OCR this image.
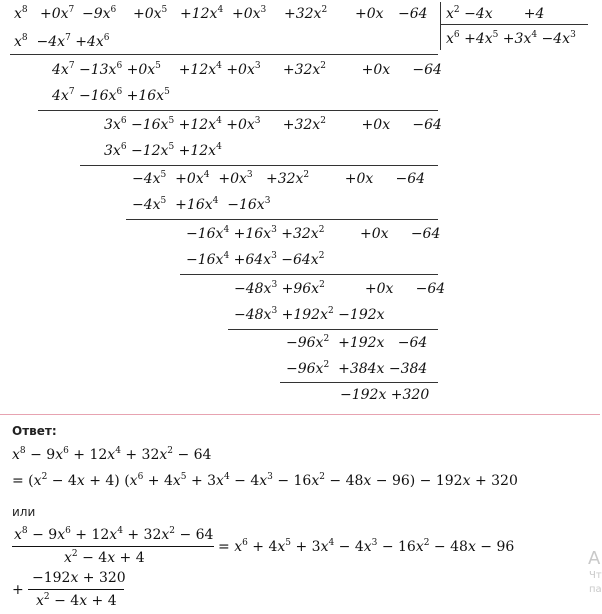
$x^8 +0x^7 -9x^6 +0x^5 +12x^4 +0x^3 +32x^2 +0x -64$ $x^2 -4x$       +4
$x^6 +4x^5 +3x^4 -4x^3$
$x^8 -4x^7 +4x^6$
$4x^7 -13x^6 +0x^5$    $+12x^4 +0x^3$     $+32x^2$        +0x     −64
$4x^7 -16x^6 +16x^5$
$3x^6 -16x^5 +12x^4 +0x^3$     $+32x^2$        +0x     −64
$3x^6 -12x^5 +12x^4$
$-4x^5 +0x^4 +0x^3 +32x^2$        +0x     −64
$-4x^5 +16x^4 -16x^3$
$-16x^4 +16x^3 +32x^2$        +0x     −64
$-16x^4 +64x^3 -64x^2$
$-48x^3 +96x^2$         +0x     −64
$-48x^3 +192x^2 -192x$
$-96x^2 +192x -64$
$-96x^2 +384x -384$
−192x +320
Ответ:
$x^8 - 9x^6 + 12x^4 + 32x^2 - 64$
= $(x^2 - 4x + 4) (x^6 + 4x^5 + 3x^4 - 4x^3 - 16x^2 - 48x - 96) - 192x + 320$
или
$x^8 - 9x^6 + 12x^4 + 32x^2 - 64$
$x^2 - 4x + 4$
= $x^6 + 4x^5 + 3x^4 - 4x^3 - 16x^2 - 48x - 96$
+
−192x + 320
$x^2 - 4x + 4$
A
Чт
па
